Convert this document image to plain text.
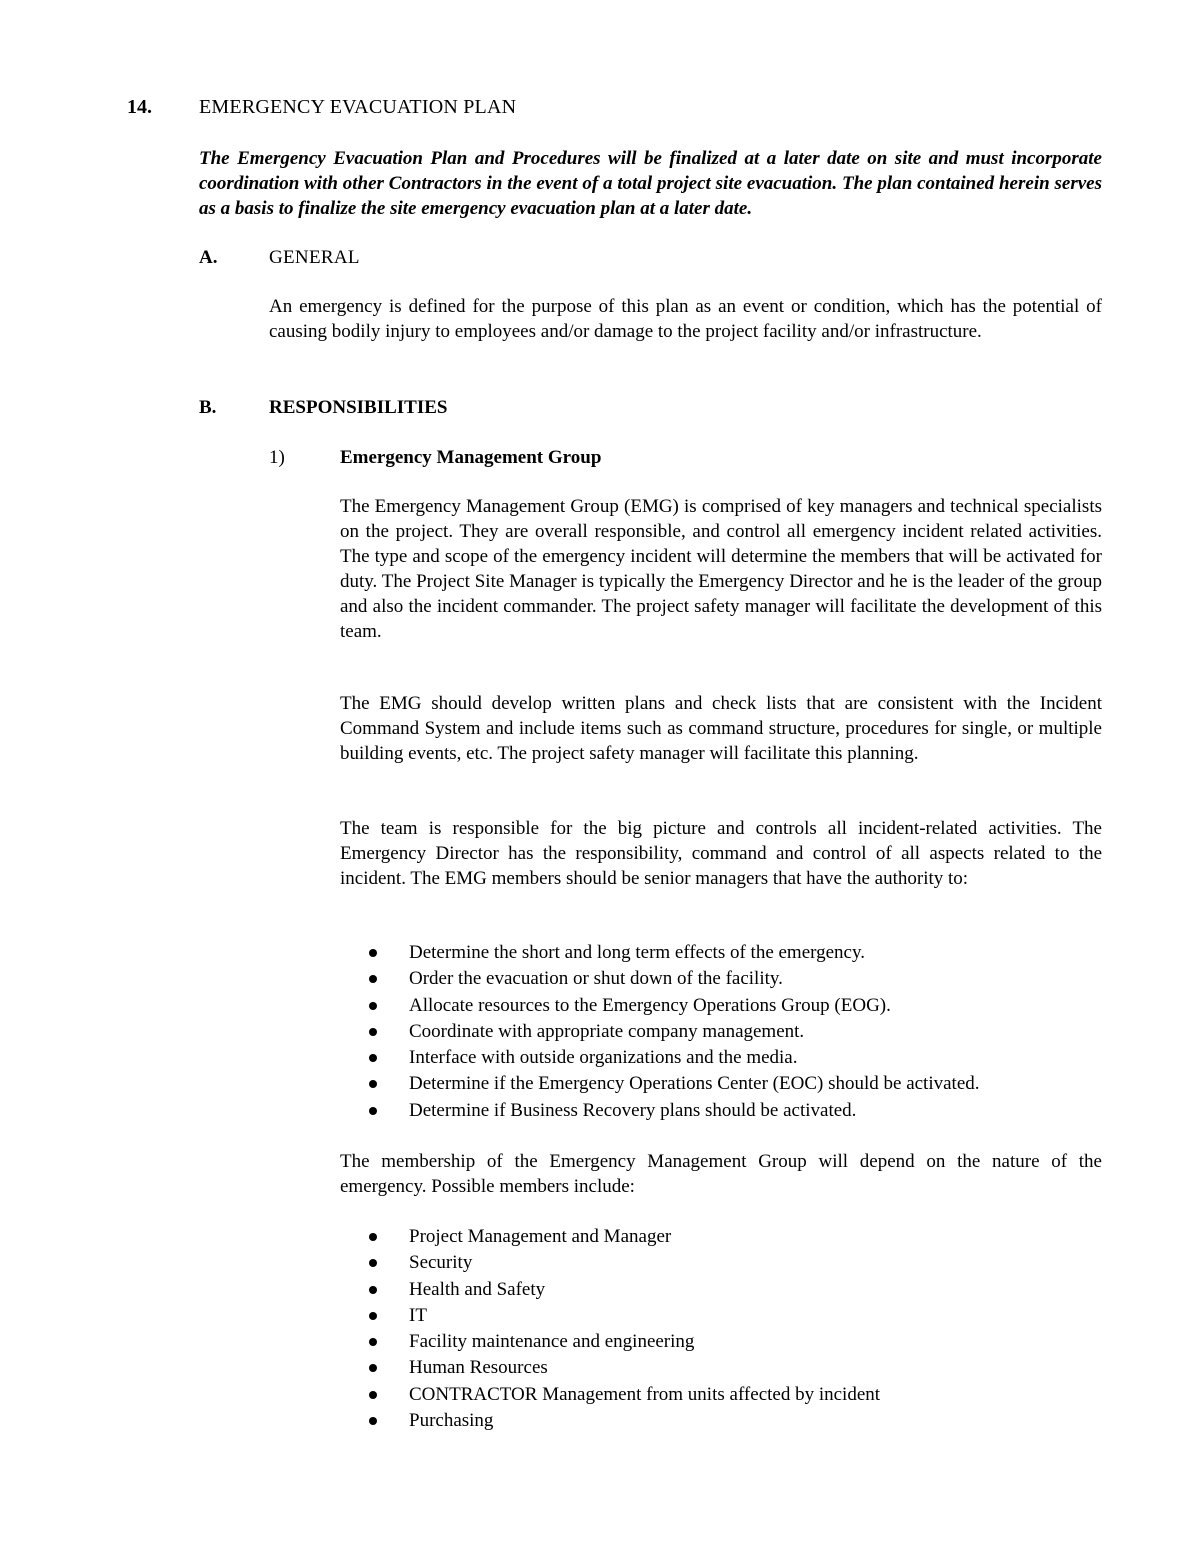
14. EMERGENCY EVACUATION PLAN
The Emergency Evacuation Plan and Procedures will be finalized at a later date on site and must incorporate coordination with other Contractors in the event of a total project site evacuation. The plan contained herein serves as a basis to finalize the site emergency evacuation plan at a later date.
A.	GENERAL
An emergency is defined for the purpose of this plan as an event or condition, which has the potential of causing bodily injury to employees and/or damage to the project facility and/or infrastructure.
B.	RESPONSIBILITIES
1)	Emergency Management Group
The Emergency Management Group (EMG) is comprised of key managers and technical specialists on the project. They are overall responsible, and control all emergency incident related activities. The type and scope of the emergency incident will determine the members that will be activated for duty. The Project Site Manager is typically the Emergency Director and he is the leader of the group and also the incident commander. The project safety manager will facilitate the development of this team.
The EMG should develop written plans and check lists that are consistent with the Incident Command System and include items such as command structure, procedures for single, or multiple building events, etc. The project safety manager will facilitate this planning.
The team is responsible for the big picture and controls all incident-related activities. The Emergency Director has the responsibility, command and control of all aspects related to the incident. The EMG members should be senior managers that have the authority to:
Determine the short and long term effects of the emergency.
Order the evacuation or shut down of the facility.
Allocate resources to the Emergency Operations Group (EOG).
Coordinate with appropriate company management.
Interface with outside organizations and the media.
Determine if the Emergency Operations Center (EOC) should be activated.
Determine if Business Recovery plans should be activated.
The membership of the Emergency Management Group will depend on the nature of the emergency. Possible members include:
Project Management and Manager
Security
Health and Safety
IT
Facility maintenance and engineering
Human Resources
CONTRACTOR Management from units affected by incident
Purchasing
